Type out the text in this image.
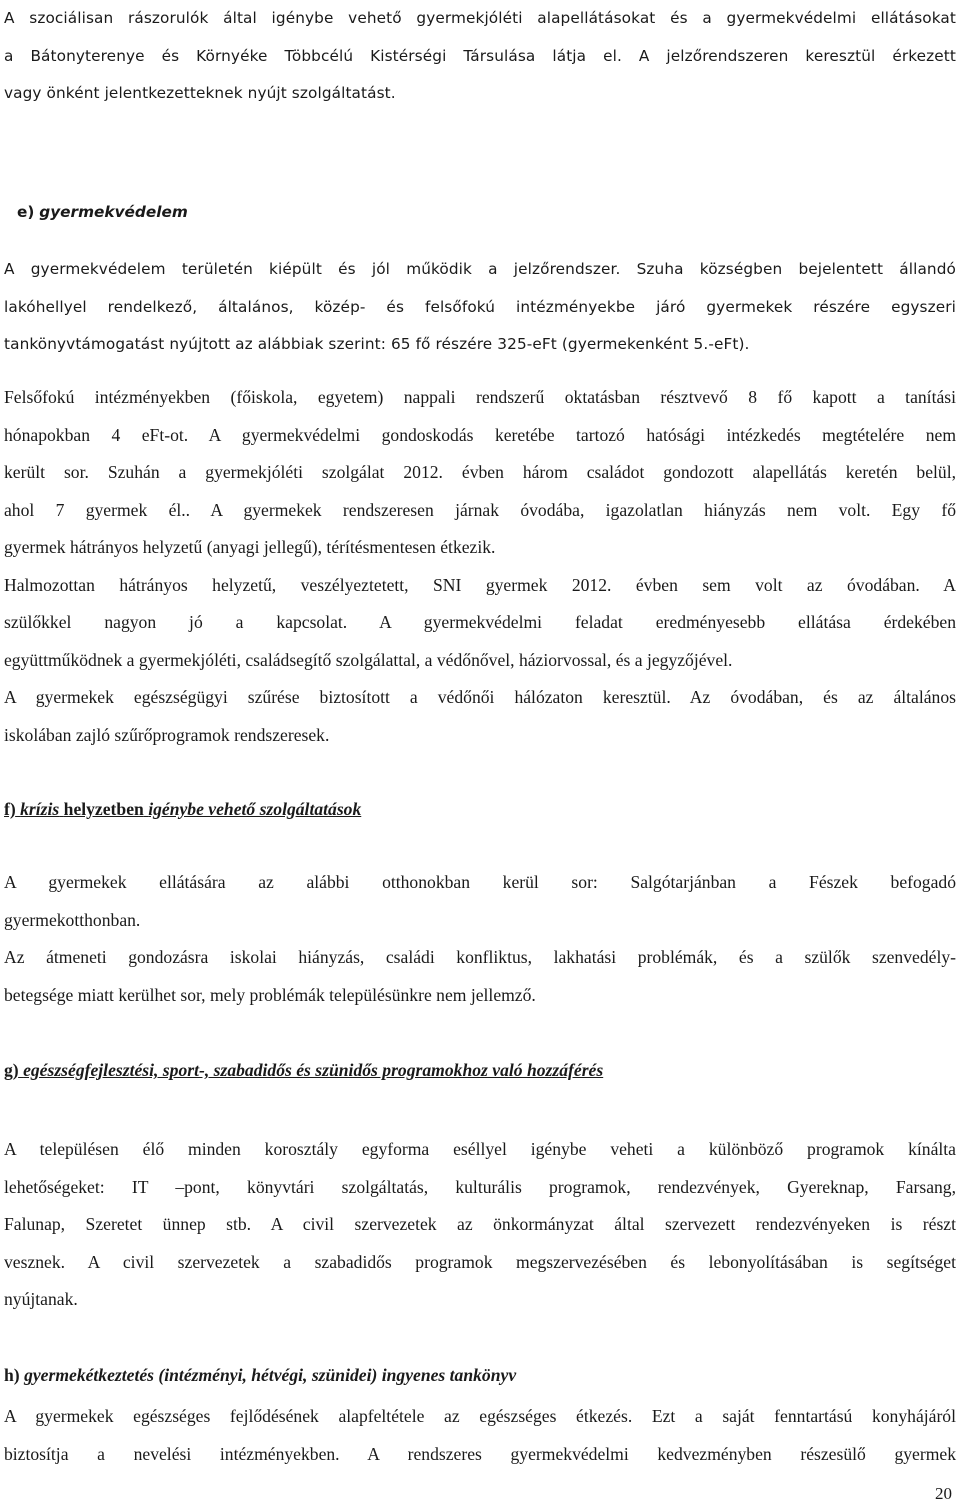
A szociálisan rászorulók által igénybe vehető gyermekjóléti alapellátásokat és a gyermekvédelmi ellátásokat
a Bátonyterenye és Környéke Többcélú Kistérségi Társulása látja el. A jelzőrendszeren keresztül érkezett
vagy önként jelentkezetteknek nyújt szolgáltatást.
e) gyermekvédelem
A gyermekvédelem területén kiépült és jól működik a jelzőrendszer. Szuha községben bejelentett állandó
lakóhellyel rendelkező, általános, közép- és felsőfokú intézményekbe járó gyermekek részére egyszeri
tankönyvtámogatást nyújtott az alábbiak szerint: 65 fő részére 325-eFt (gyermekenként 5.-eFt).
Felsőfokú intézményekben (főiskola, egyetem) nappali rendszerű oktatásban résztvevő 8 fő kapott a tanítási
hónapokban 4 eFt-ot. A gyermekvédelmi gondoskodás keretébe tartozó hatósági intézkedés megtételére nem
került sor. Szuhán a gyermekjóléti szolgálat 2012. évben három családot gondozott alapellátás keretén belül,
ahol 7 gyermek él.. A gyermekek rendszeresen járnak óvodába, igazolatlan hiányzás nem volt. Egy fő
gyermek hátrányos helyzetű (anyagi jellegű), térítésmentesen étkezik.
Halmozottan hátrányos helyzetű, veszélyeztetett, SNI gyermek 2012. évben sem volt az óvodában. A
szülőkkel nagyon jó a kapcsolat. A gyermekvédelmi feladat eredményesebb ellátása érdekében
együttműködnek a gyermekjóléti, családsegítő szolgálattal, a védőnővel, háziorvossal, és a jegyzőjével.
A gyermekek egészségügyi szűrése biztosított a védőnői hálózaton keresztül. Az óvodában, és az általános
iskolában zajló szűrőprogramok rendszeresek.
f) krízis helyzetben igénybe vehető szolgáltatások
A gyermekek ellátására az alábbi otthonokban kerül sor: Salgótarjánban a Fészek befogadó
gyermekotthonban.
Az átmeneti gondozásra iskolai hiányzás, családi konfliktus, lakhatási problémák, és a szülők szenvedély-
betegsége miatt kerülhet sor, mely problémák településünkre nem jellemző.
g) egészségfejlesztési, sport-, szabadidős és szünidős programokhoz való hozzáférés
A településen élő minden korosztály egyforma eséllyel igénybe veheti a különböző programok kínálta
lehetőségeket: IT –pont, könyvtári szolgáltatás, kulturális programok, rendezvények, Gyereknap, Farsang,
Falunap, Szeretet ünnep stb. A civil szervezetek az önkormányzat által szervezett rendezvényeken is részt
vesznek. A civil szervezetek a szabadidős programok megszervezésében és lebonyolításában is segítséget
nyújtanak.
h) gyermekétkeztetés (intézményi, hétvégi, szünidei) ingyenes tankönyv
A gyermekek egészséges fejlődésének alapfeltétele az egészséges étkezés. Ezt a saját fenntartású konyhájáról
biztosítja a nevelési intézményekben. A rendszeres gyermekvédelmi kedvezményben részesülő gyermek
20
